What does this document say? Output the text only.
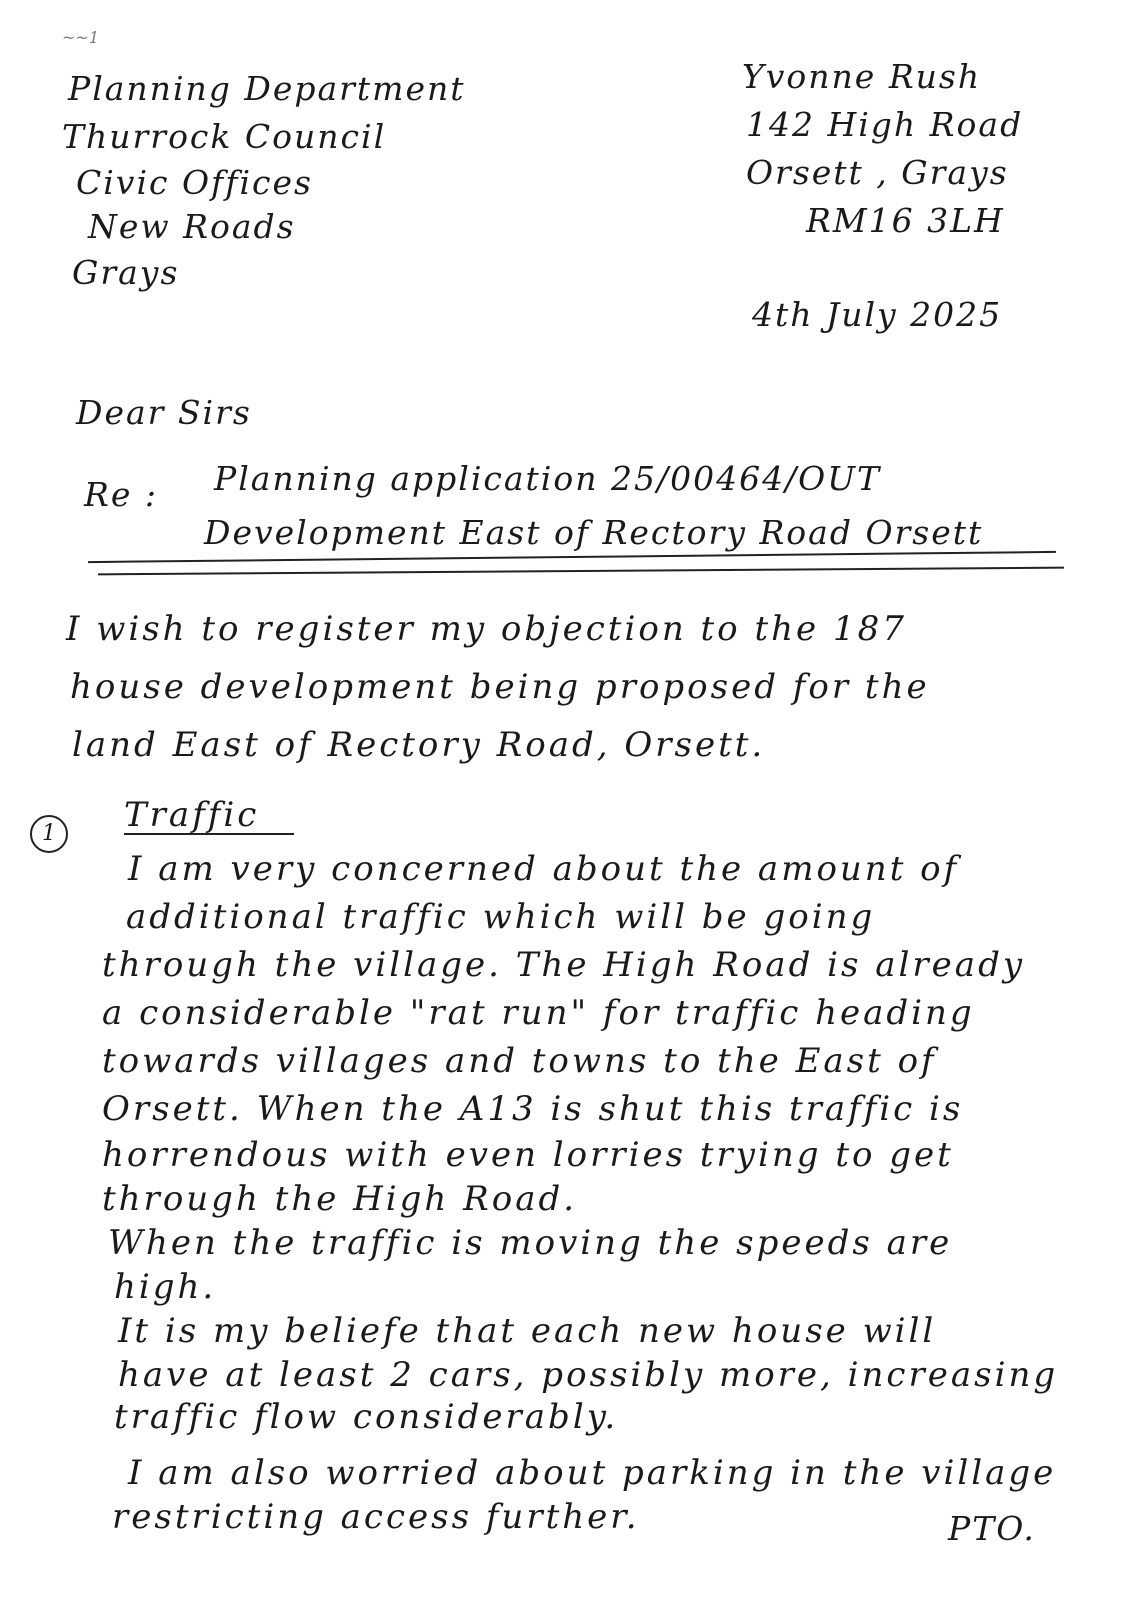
~~1
Planning Department
Thurrock Council
Civic Offices
New Roads
Grays
Yvonne Rush
142 High Road
Orsett , Grays
RM16 3LH
4th July 2025
Dear Sirs
Re : Planning application 25/00464/OUT
Development East of Rectory Road Orsett
I wish to register my objection to the 187
house development being proposed for the
land East of Rectory Road, Orsett.
1	Traffic
I am very concerned about the amount of
additional traffic which will be going
through the village. The High Road is already
a considerable "rat run" for traffic heading
towards villages and towns to the East of
Orsett. When the A13 is shut this traffic is
horrendous with even lorries trying to get
through the High Road.
When the traffic is moving the speeds are
high.
It is my beliefe that each new house will
have at least 2 cars, possibly more, increasing
traffic flow considerably.
I am also worried about parking in the village
restricting access further.	PTO.
